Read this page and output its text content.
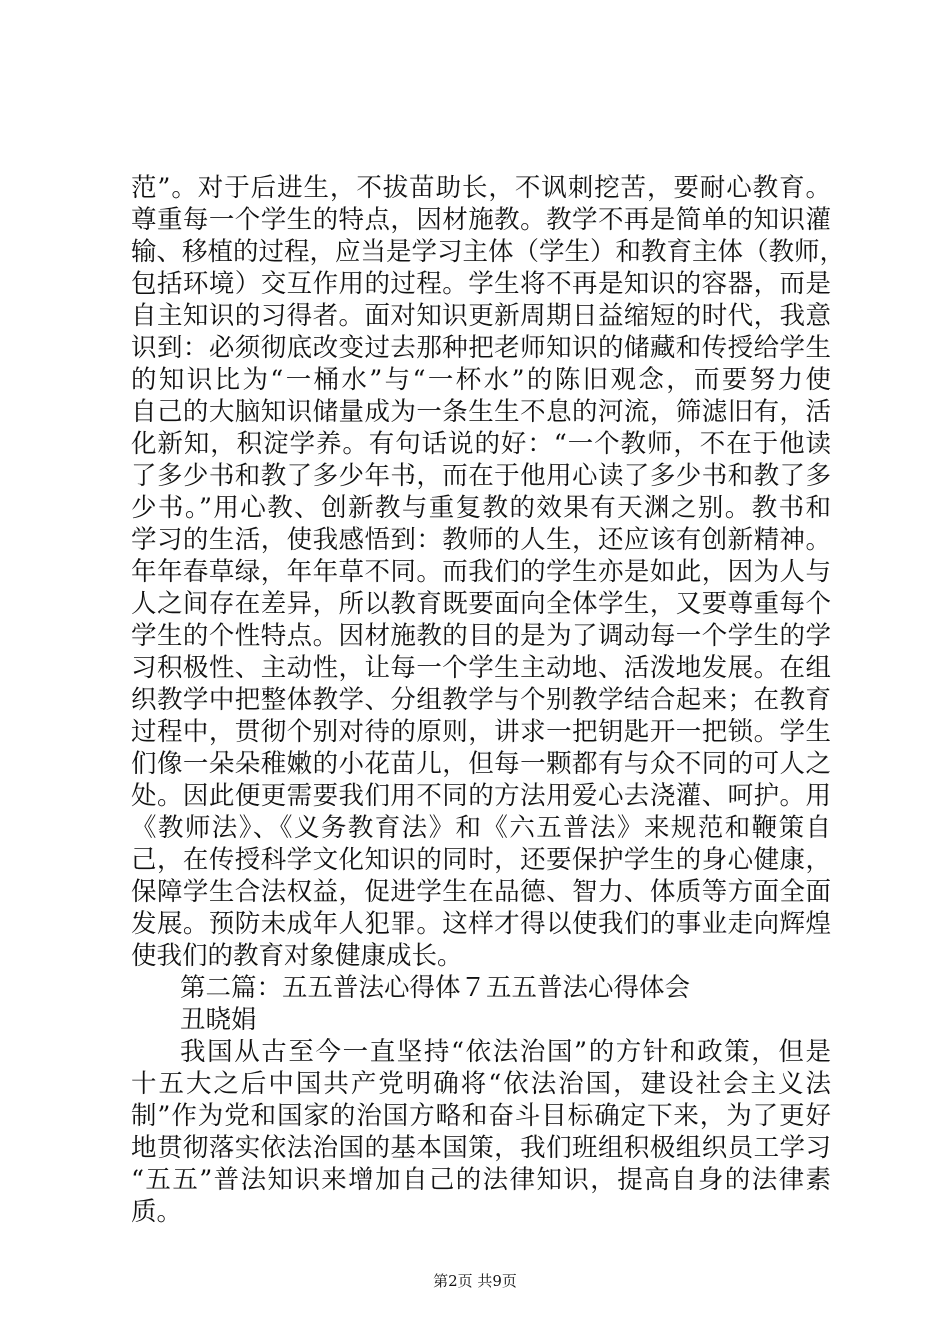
范”。对于后进生，不拔苗助长，不讽刺挖苦，要耐心教育。
尊重每一个学生的特点，因材施教。教学不再是简单的知识灌
输、移植的过程，应当是学习主体（学生）和教育主体（教师，
包括环境）交互作用的过程。学生将不再是知识的容器，而是
自主知识的习得者。面对知识更新周期日益缩短的时代，我意
识到：必须彻底改变过去那种把老师知识的储藏和传授给学生
的知识比为“一桶水”与“一杯水”的陈旧观念，而要努力使
自己的大脑知识储量成为一条生生不息的河流，筛滤旧有，活
化新知，积淀学养。有句话说的好：“一个教师，不在于他读
了多少书和教了多少年书，而在于他用心读了多少书和教了多
少书。”用心教、创新教与重复教的效果有天渊之别。教书和
学习的生活，使我感悟到：教师的人生，还应该有创新精神。
年年春草绿，年年草不同。而我们的学生亦是如此，因为人与
人之间存在差异，所以教育既要面向全体学生，又要尊重每个
学生的个性特点。因材施教的目的是为了调动每一个学生的学
习积极性、主动性，让每一个学生主动地、活泼地发展。在组
织教学中把整体教学、分组教学与个别教学结合起来；在教育
过程中，贯彻个别对待的原则，讲求一把钥匙开一把锁。学生
们像一朵朵稚嫩的小花苗儿，但每一颗都有与众不同的可人之
处。因此便更需要我们用不同的方法用爱心去浇灌、呵护。用
《教师法》、《义务教育法》和《六五普法》来规范和鞭策自
己，在传授科学文化知识的同时，还要保护学生的身心健康，
保障学生合法权益，促进学生在品德、智力、体质等方面全面
发展。预防未成年人犯罪。这样才得以使我们的事业走向辉煌
使我们的教育对象健康成长。
第二篇：五五普法心得体７五五普法心得体会
丑晓娟
我国从古至今一直坚持“依法治国”的方针和政策，但是
十五大之后中国共产党明确将“依法治国，建设社会主义法
制”作为党和国家的治国方略和奋斗目标确定下来，为了更好
地贯彻落实依法治国的基本国策，我们班组积极组织员工学习
“五五”普法知识来增加自己的法律知识，提高自身的法律素
质。
第2页 共9页
